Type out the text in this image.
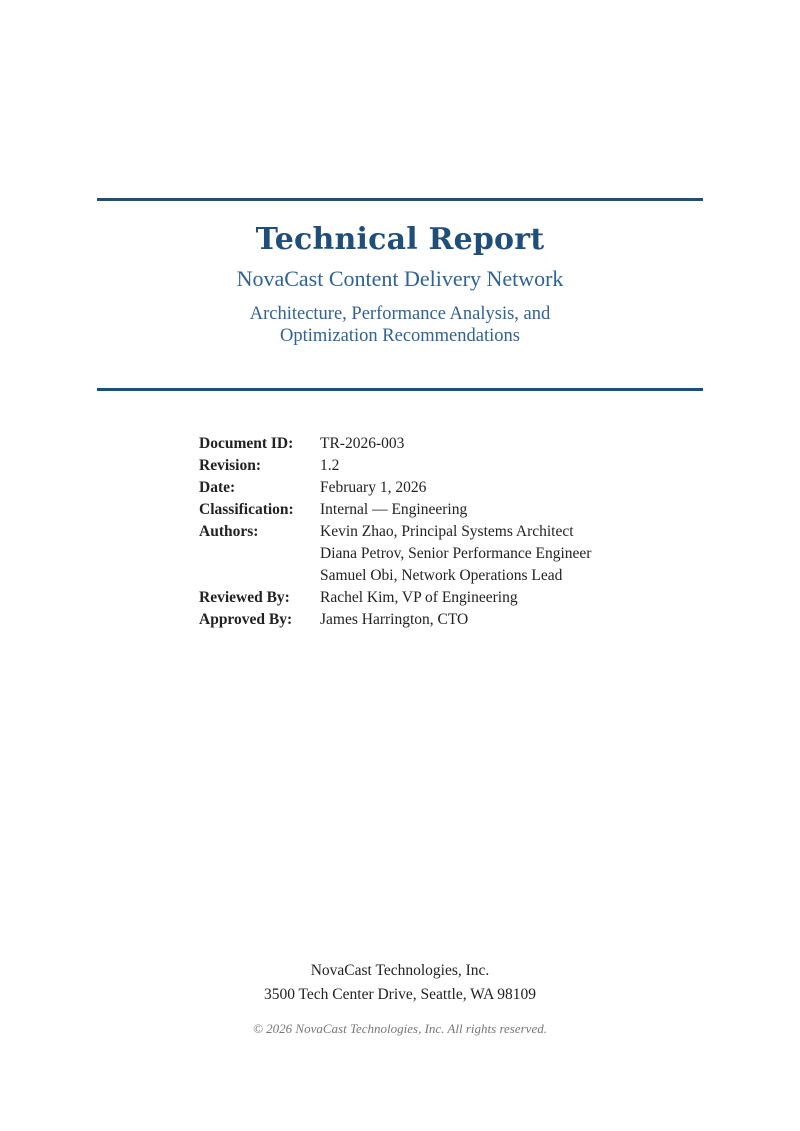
Technical Report
NovaCast Content Delivery Network
Architecture, Performance Analysis, and
Optimization Recommendations
Document ID:	TR-2026-003
Revision:	1.2
Date:	February 1, 2026
Classification:	Internal — Engineering
Authors:	Kevin Zhao, Principal Systems Architect
Diana Petrov, Senior Performance Engineer
Samuel Obi, Network Operations Lead
Reviewed By:	Rachel Kim, VP of Engineering
Approved By:	James Harrington, CTO
NovaCast Technologies, Inc.
3500 Tech Center Drive, Seattle, WA 98109
© 2026 NovaCast Technologies, Inc. All rights reserved.
